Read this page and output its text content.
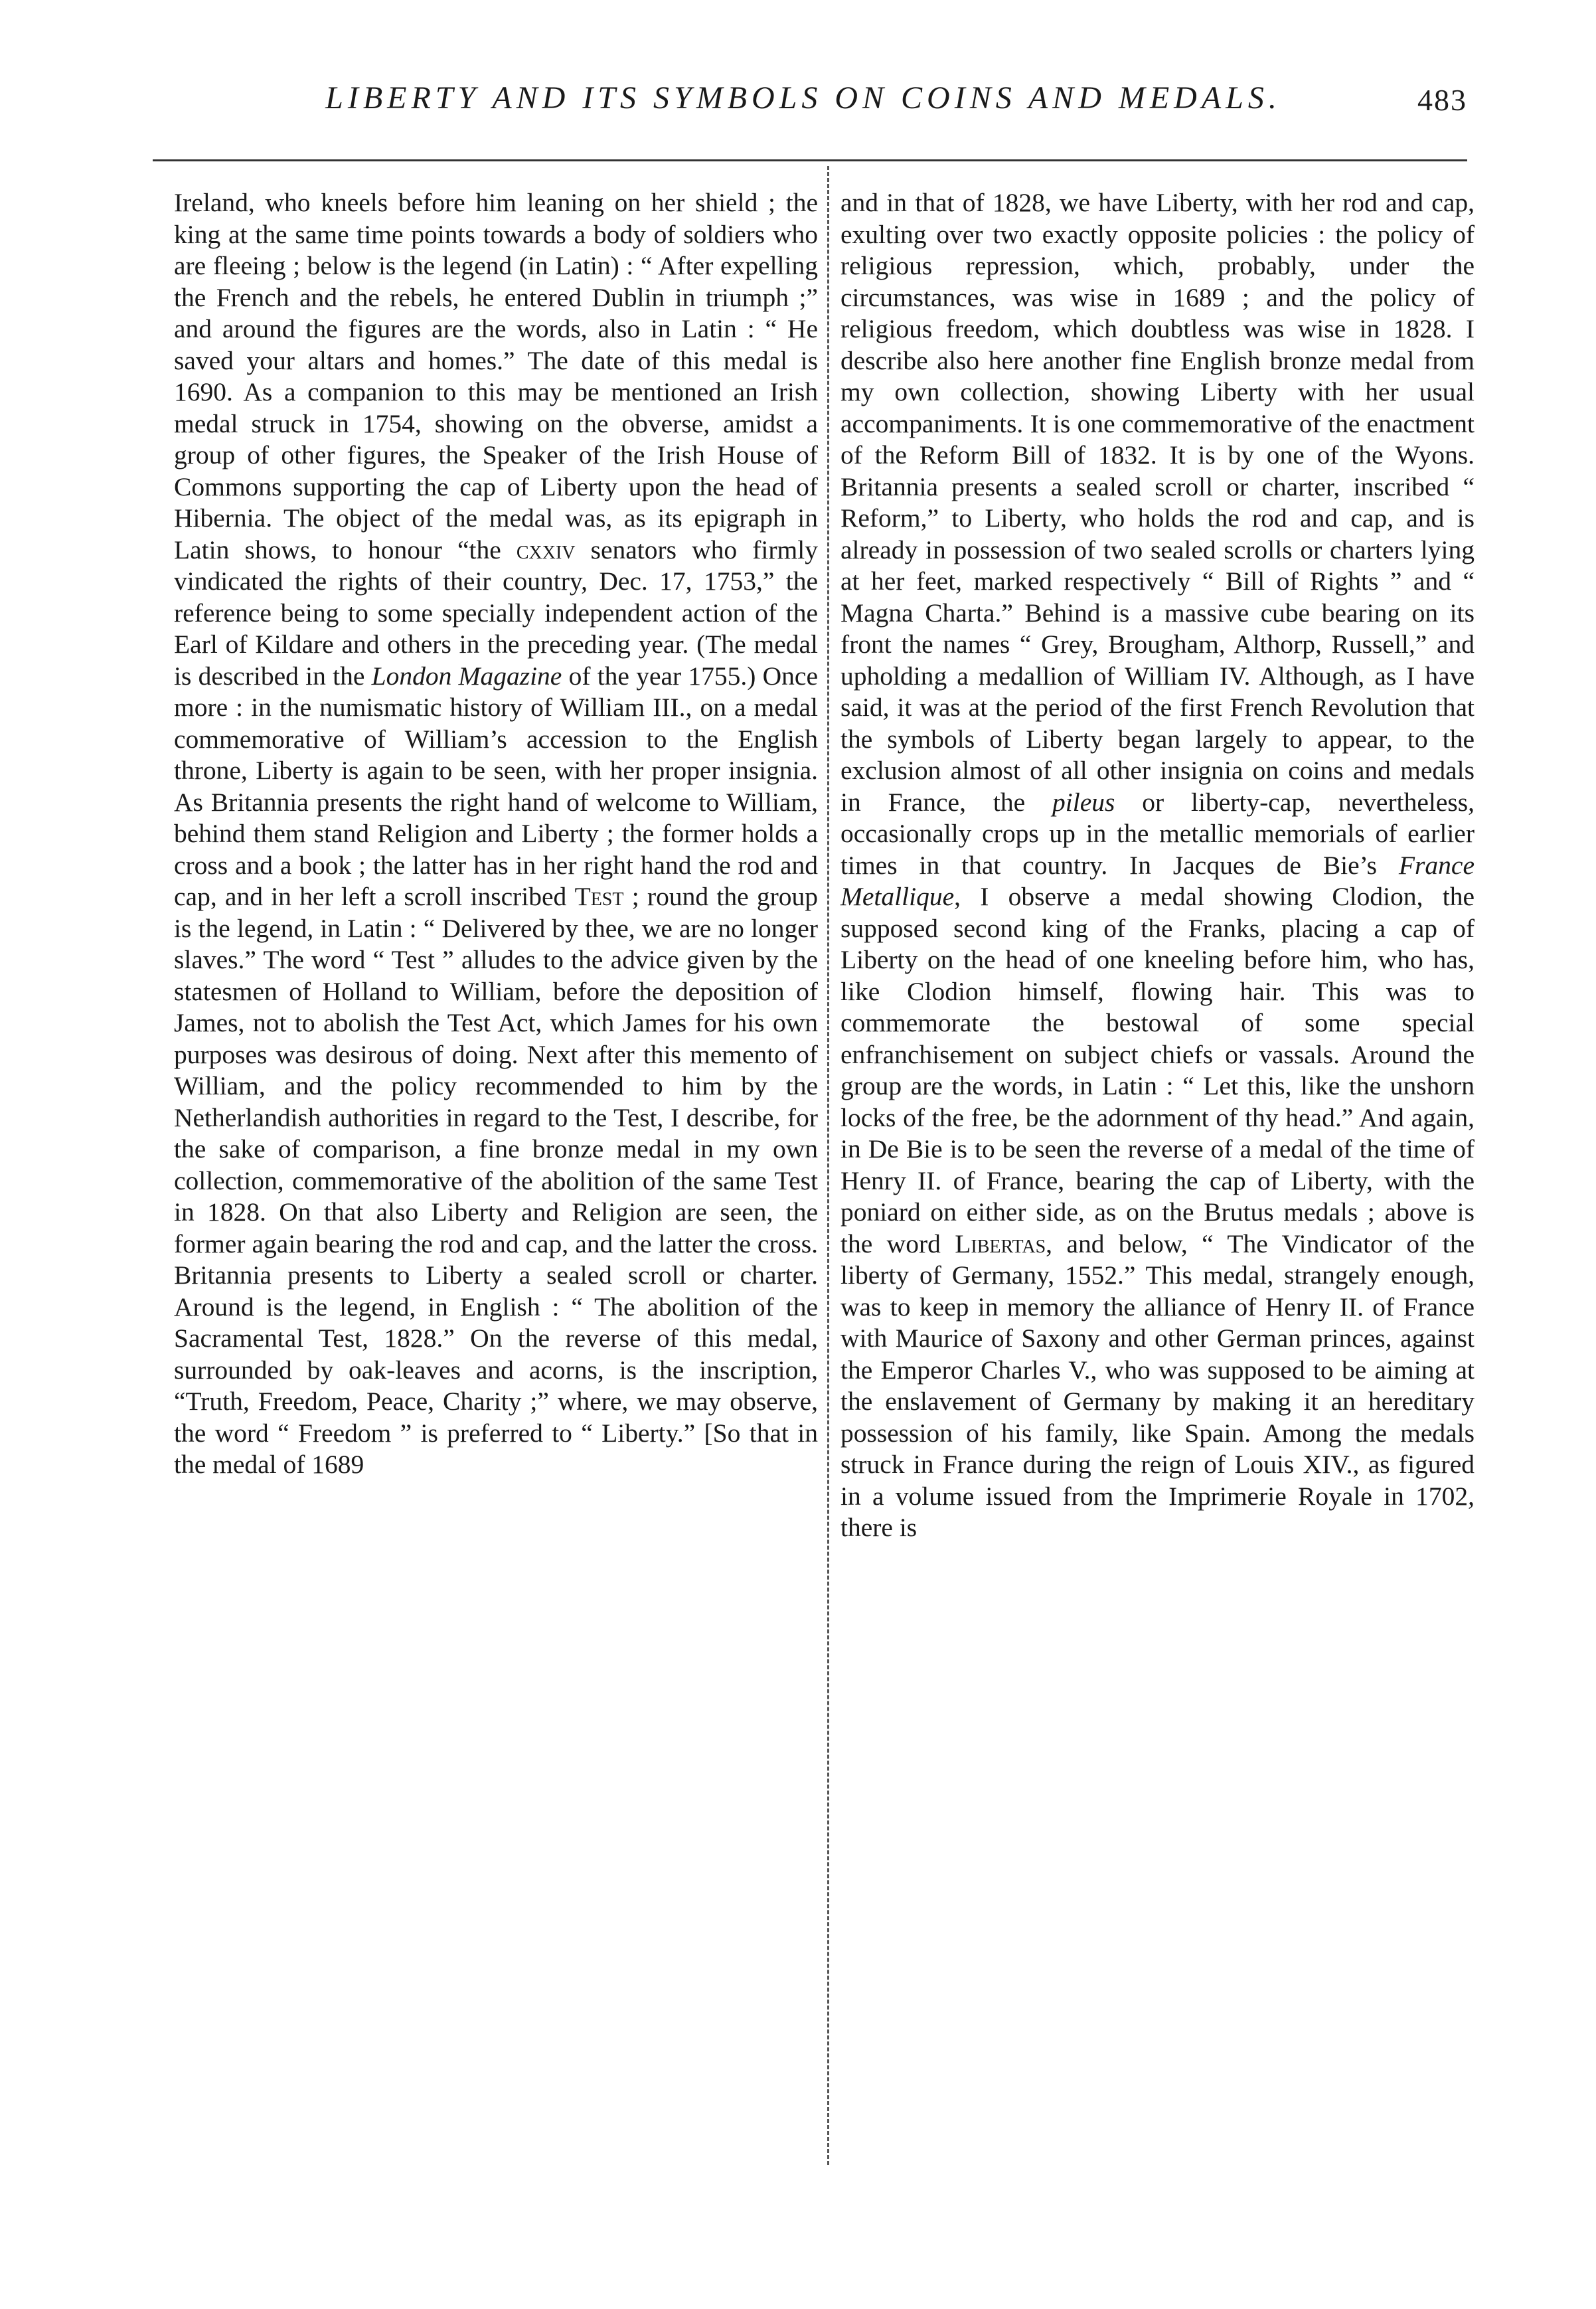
LIBERTY AND ITS SYMBOLS ON COINS AND MEDALS.	483

Ireland, who kneels before him leaning on her shield ; the king at the same time points towards a body of soldiers who are fleeing ; below is the legend (in Latin) : “ After expelling the French and the rebels, he entered Dublin in triumph ;” and around the figures are the words, also in Latin : “ He saved your altars and homes.” The date of this medal is 1690. As a companion to this may be mentioned an Irish medal struck in 1754, showing on the obverse, amidst a group of other figures, the Speaker of the Irish House of Commons supporting the cap of Liberty upon the head of Hibernia. The object of the medal was, as its epigraph in Latin shows, to honour “the cxxiv senators who firmly vindicated the rights of their country, Dec. 17, 1753,” the reference being to some specially independent action of the Earl of Kildare and others in the preceding year. (The medal is described in the London Magazine of the year 1755.) Once more : in the numismatic history of William III., on a medal commemorative of William’s accession to the English throne, Liberty is again to be seen, with her proper insignia. As Britannia presents the right hand of welcome to William, behind them stand Religion and Liberty ; the former holds a cross and a book ; the latter has in her right hand the rod and cap, and in her left a scroll inscribed Test ; round the group is the legend, in Latin : “ Delivered by thee, we are no longer slaves.” The word “ Test ” alludes to the advice given by the statesmen of Holland to William, before the deposition of James, not to abolish the Test Act, which James for his own purposes was desirous of doing. Next after this memento of William, and the policy recommended to him by the Netherlandish authorities in regard to the Test, I describe, for the sake of comparison, a fine bronze medal in my own collection, commemorative of the abolition of the same Test in 1828. On that also Liberty and Religion are seen, the former again bearing the rod and cap, and the latter the cross. Britannia presents to Liberty a sealed scroll or charter. Around is the legend, in English : “ The abolition of the Sacramental Test, 1828.” On the reverse of this medal, surrounded by oak-leaves and acorns, is the inscription, “Truth, Freedom, Peace, Charity ;” where, we may observe, the word “ Freedom ” is preferred to “ Liberty.” [So that in the medal of 1689

and in that of 1828, we have Liberty, with her rod and cap, exulting over two exactly opposite policies : the policy of religious repression, which, probably, under the circumstances, was wise in 1689 ; and the policy of religious freedom, which doubtless was wise in 1828. I describe also here another fine English bronze medal from my own collection, showing Liberty with her usual accompaniments. It is one commemorative of the enactment of the Reform Bill of 1832. It is by one of the Wyons. Britannia presents a sealed scroll or charter, inscribed “ Reform,” to Liberty, who holds the rod and cap, and is already in possession of two sealed scrolls or charters lying at her feet, marked respectively “ Bill of Rights ” and “ Magna Charta.” Behind is a massive cube bearing on its front the names “ Grey, Brougham, Althorp, Russell,” and upholding a medallion of William IV. Although, as I have said, it was at the period of the first French Revolution that the symbols of Liberty began largely to appear, to the exclusion almost of all other insignia on coins and medals in France, the pileus or liberty-cap, nevertheless, occasionally crops up in the metallic memorials of earlier times in that country. In Jacques de Bie’s France Metallique, I observe a medal showing Clodion, the supposed second king of the Franks, placing a cap of Liberty on the head of one kneeling before him, who has, like Clodion himself, flowing hair. This was to commemorate the bestowal of some special enfranchisement on subject chiefs or vassals. Around the group are the words, in Latin : “ Let this, like the unshorn locks of the free, be the adornment of thy head.” And again, in De Bie is to be seen the reverse of a medal of the time of Henry II. of France, bearing the cap of Liberty, with the poniard on either side, as on the Brutus medals ; above is the word Libertas, and below, “ The Vindicator of the liberty of Germany, 1552.” This medal, strangely enough, was to keep in memory the alliance of Henry II. of France with Maurice of Saxony and other German princes, against the Emperor Charles V., who was supposed to be aiming at the enslavement of Germany by making it an hereditary possession of his family, like Spain. Among the medals struck in France during the reign of Louis XIV., as figured in a volume issued from the Imprimerie Royale in 1702, there is
